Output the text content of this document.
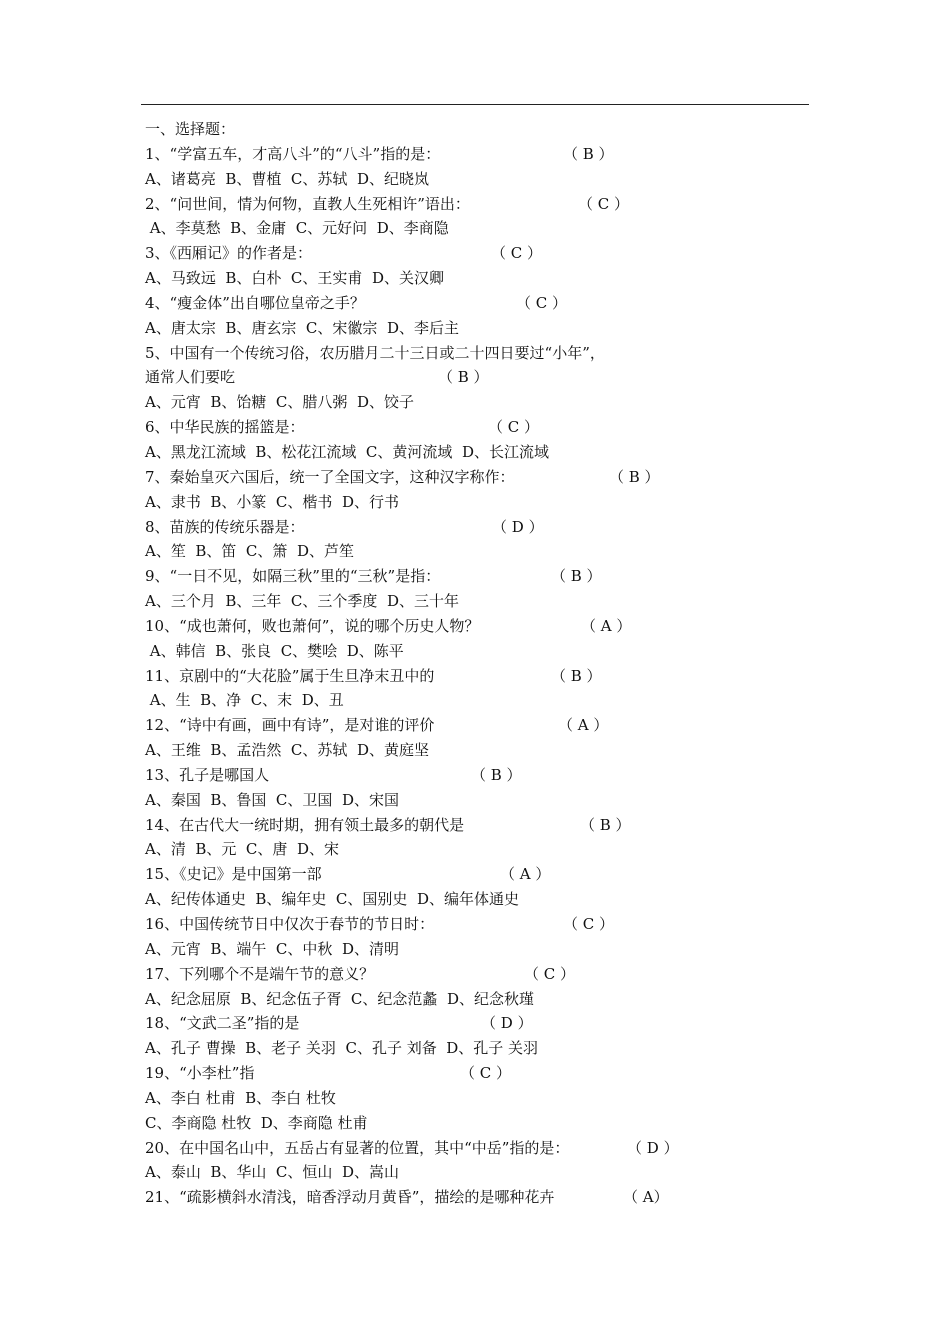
一、选择题：
1、“学富五车，才高八斗”的“八斗”指的是：	（ B ）
A、诸葛亮  B、曹植  C、苏轼  D、纪晓岚
2、“问世间，情为何物，直教人生死相许”语出：	（ C ）
A、李莫愁  B、金庸  C、元好问  D、李商隐
3、《西厢记》的作者是：	（ C ）
A、马致远  B、白朴  C、王实甫  D、关汉卿
4、“瘦金体”出自哪位皇帝之手？	（ C ）
A、唐太宗  B、唐玄宗  C、宋徽宗  D、李后主
5、中国有一个传统习俗，农历腊月二十三日或二十四日要过“小年”，
通常人们要吃	（ B ）
A、元宵  B、饴糖  C、腊八粥  D、饺子
6、中华民族的摇篮是：	（ C ）
A、黑龙江流域  B、松花江流域  C、黄河流域  D、长江流域
7、秦始皇灭六国后，统一了全国文字，这种汉字称作：	（ B ）
A、隶书  B、小篆  C、楷书  D、行书
8、苗族的传统乐器是：	（ D ）
A、笙  B、笛  C、箫  D、芦笙
9、“一日不见，如隔三秋”里的“三秋”是指：	（ B ）
A、三个月  B、三年  C、三个季度  D、三十年
10、“成也萧何，败也萧何”，说的哪个历史人物？	（ A ）
A、韩信  B、张良  C、樊哙  D、陈平
11、京剧中的“大花脸”属于生旦净末丑中的	（ B ）
A、生  B、净  C、末  D、丑
12、“诗中有画，画中有诗”，是对谁的评价	（ A ）
A、王维  B、孟浩然  C、苏轼  D、黄庭坚
13、孔子是哪国人	（ B ）
A、秦国  B、鲁国  C、卫国  D、宋国
14、在古代大一统时期，拥有领土最多的朝代是	（ B ）
A、清  B、元  C、唐  D、宋
15、《史记》是中国第一部	（ A ）
A、纪传体通史  B、编年史  C、国别史  D、编年体通史
16、中国传统节日中仅次于春节的节日时：	（ C ）
A、元宵  B、端午  C、中秋  D、清明
17、下列哪个不是端午节的意义？	（ C ）
A、纪念屈原  B、纪念伍子胥  C、纪念范蠡  D、纪念秋瑾
18、“文武二圣”指的是	（ D ）
A、孔子 曹操  B、老子 关羽  C、孔子 刘备  D、孔子 关羽
19、“小李杜”指	（ C ）
A、李白 杜甫  B、李白 杜牧
C、李商隐 杜牧  D、李商隐 杜甫
20、在中国名山中，五岳占有显著的位置，其中“中岳”指的是：	（ D ）
A、泰山  B、华山  C、恒山  D、嵩山
21、“疏影横斜水清浅，暗香浮动月黄昏”，描绘的是哪种花卉	（ A）
